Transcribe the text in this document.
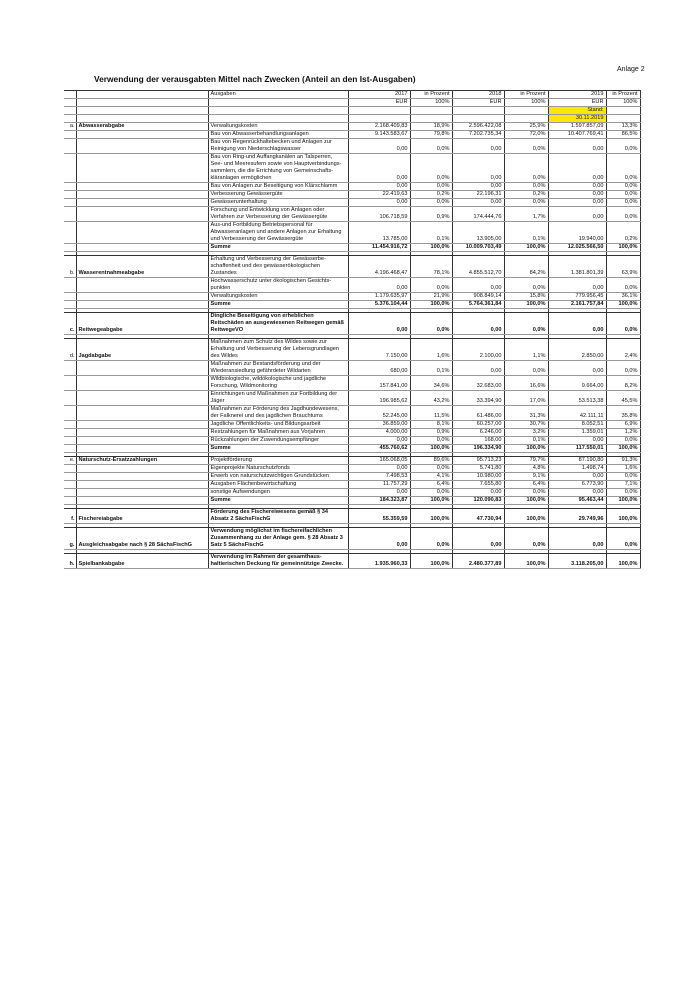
Anlage 2
Verwendung der verausgabten Mittel nach Zwecken (Anteil an den Ist-Ausgaben)
		Ausgaben	2017	in Prozent	2018	in Prozent	2019	in Prozent
			EUR	100%	EUR	100%	EUR	100%
							Stand:	
							30.11.2019	
a.	Abwasserabgabe	Verwaltungskosten	2.168.409,83	18,9%	2.596.422,08	25,9%	1.597.857,09	13,3%
		Bau von Abwasserbehandlungsanlagen	9.143.583,67	79,8%	7.202.735,34	72,0%	10.407.769,41	86,5%
		Bau von Regenrückhaltebecken und Anlagen zur Reinigung von Niederschlagswasser	0,00	0,0%	0,00	0,0%	0,00	0,0%
		Bau von Ring-und Auffangkanälen an Talsperren, See- und Meeresufern sowie von Hauptverbindungs- sammlern, die die Errichtung von Gemeinschafts- kläranlagen ermöglichen	0,00	0,0%	0,00	0,0%	0,00	0,0%
		Bau von Anlagen zur Beseitigung von Klärschlamm	0,00	0,0%	0,00	0,0%	0,00	0,0%
		Verbesserung Gewässergüte	22.419,63	0,2%	22.196,31	0,2%	0,00	0,0%
		Gewässerunterhaltung	0,00	0,0%	0,00	0,0%	0,00	0,0%
		Forschung und Entwicklung von Anlagen oder Verfahren zur Verbesserung der Gewässergüte	106.718,59	0,9%	174.444,76	1,7%	0,00	0,0%
		Aus-und Fortbildung Betriebspersonal für Abwasseranlagen und andere Anlagen zur Erhaltung und Verbesserung der Gewässergüte	13.785,00	0,1%	13.905,00	0,1%	19.940,00	0,2%
		Summe	11.454.916,72	100,0%	10.009.703,49	100,0%	12.025.566,50	100,0%

b.	Wasserentnahmeabgabe	Erhaltung und Verbesserung der Gewässerbe- schaffenheit und des gewässerökologischen Zustandes	4.196.468,47	78,1%	4.855.512,70	84,2%	1.381.801,39	63,9%
		Hochwasserschutz unter ökologischen Gesichts- punkten	0,00	0,0%	0,00	0,0%	0,00	0,0%
		Verwaltungskosten	1.179.635,97	21,9%	908.849,14	15,8%	779.956,45	36,1%
		Summe	5.376.104,44	100,0%	5.764.361,84	100,0%	2.161.757,84	100,0%

c.	Reitwegeabgabe	Dingliche Beseitigung von erheblichen Reitschäden an ausgewiesenen Reitwegen gemäß ReitwegeVO	0,00	0,0%	0,00	0,0%	0,00	0,0%

d.	Jagdabgabe	Maßnahmen zum Schutz des Wildes sowie zur Erhaltung und Verbesserung der Lebensgrundlagen des Wildes	7.150,00	1,6%	2.100,00	1,1%	2.850,00	2,4%
		Maßnahmen zur Bestandsförderung und der Wiederansiedlung gefährdeter Wildarten	680,00	0,1%	0,00	0,0%	0,00	0,0%
		Wildbiologische, wildökologische und jagdliche Forschung, Wildmonitoring	157.841,00	34,6%	32.683,00	16,6%	9.664,00	8,2%
		Einrichtungen und Maßnahmen zur Fortbildung der Jäger	196.985,62	43,2%	33.394,90	17,0%	53.513,38	45,5%
		Maßnahmen zur Förderung des Jagdhundewesens, der Falknerei und des jagdlichen Brauchtums	52.245,00	11,5%	61.486,00	31,3%	42.111,11	35,8%
		Jagdliche Öffentlichkeits- und Bildungsarbeit	36.859,00	8,1%	60.257,00	30,7%	8.052,51	6,9%
		Restzahlungen für Maßnahmen aus Vorjahren	4.000,00	0,9%	6.246,00	3,2%	1.359,01	1,2%
		Rückzahlungen der Zuwendungsempfänger	0,00	0,0%	168,00	0,1%	0,00	0,0%
		Summe	455.760,62	100,0%	196.334,90	100,0%	117.550,01	100,0%

e.	Naturschutz-Ersatzzahlungen	Projektförderung	165.068,05	89,6%	95.713,23	79,7%	87.190,80	91,3%
		Eigenprojekte Naturschutzfonds	0,00	0,0%	5.741,80	4,8%	1.498,74	1,6%
		Erwerb von naturschutzwichtigen Grundstücken	7.498,53	4,1%	10.980,00	9,1%	0,00	0,0%
		Ausgaben Flächenbewirtschaftung	11.757,29	6,4%	7.655,80	6,4%	6.773,90	7,1%
		sonstige Aufwendungen	0,00	0,0%	0,00	0,0%	0,00	0,0%
		Summe	184.323,87	100,0%	120.090,83	100,0%	95.463,44	100,0%

f.	Fischereiabgabe	Förderung des Fischereiwesens gemäß § 34 Absatz 2 SächsFischG	55.359,59	100,0%	47.730,94	100,0%	29.749,96	100,0%

g.	Ausgleichsabgabe nach § 28 SächsFischG	Verwendung möglichst im fischereifachlichen Zusammenhang zu der Anlage gem. § 28 Absatz 3 Satz 5 SächsFischG	0,00	0,0%	0,00	0,0%	0,00	0,0%

h.	Spielbankabgabe	Verwendung im Rahmen der gesamthaus- haltierischen Deckung für gemeinnützige Zwecke.	1.935.960,33	100,0%	2.480.377,89	100,0%	3.118.205,00	100,0%
